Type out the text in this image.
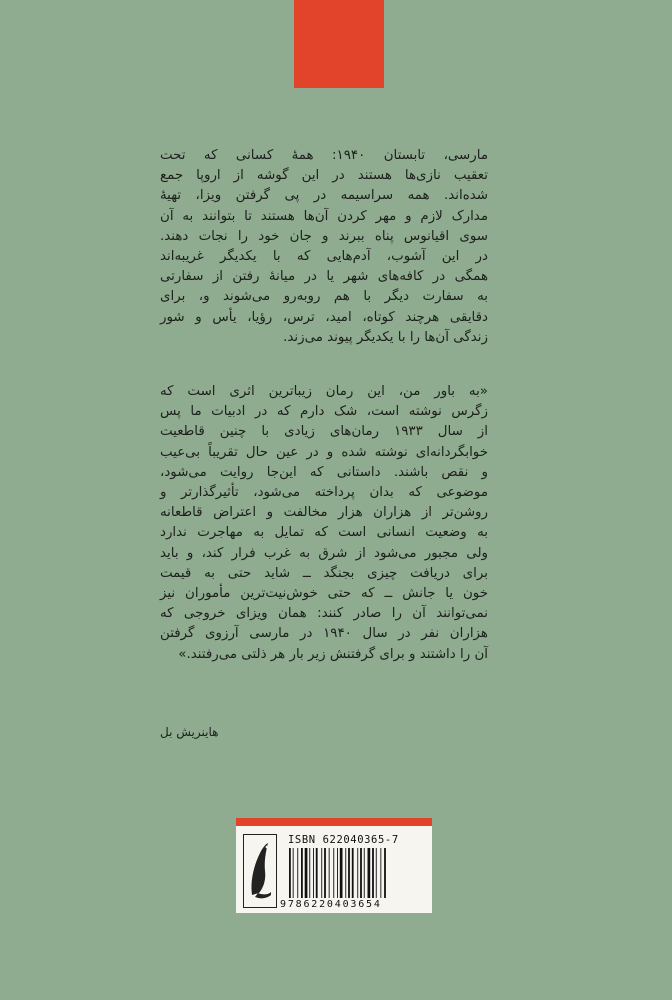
مارسی، تابستان ۱۹۴۰: همهٔ کسانی که تحت
تعقیب نازی‌ها هستند در این گوشه از اروپا جمع
شده‌اند. همه سراسیمه در پی گرفتن ویزا، تهیهٔ
مدارک لازم و مهر کردن آن‌ها هستند تا بتوانند به آن
سوی اقیانوس پناه ببرند و جان خود را نجات دهند.
در این آشوب، آدم‌هایی که با یکدیگر غریبه‌اند
همگی در کافه‌های شهر یا در میانهٔ رفتن از سفارتی
به سفارت دیگر با هم روبه‌رو می‌شوند و، برای
دقایقی هرچند کوتاه، امید، ترس، رؤیا، یأس و شور
زندگی آن‌ها را با یکدیگر پیوند می‌زند.
«به باور من، این رمان زیباترین اثری است که
زگرس نوشته است، شک دارم که در ادبیات ما پس
از سال ۱۹۳۳ رمان‌های زیادی با چنین قاطعیت
خوابگردانه‌ای نوشته شده و در عین حال تقریباً بی‌عیب
و نقص باشند. داستانی که این‌جا روایت می‌شود،
موضوعی که بدان پرداخته می‌شود، تأثیرگذارتر و
روشن‌تر از هزاران هزار مخالفت و اعتراض قاطعانه
به وضعیت انسانی است که تمایل به مهاجرت ندارد
ولی مجبور می‌شود از شرق به غرب فرار کند، و باید
برای دریافت چیزی بجنگد ــ شاید حتی به قیمت
خون یا جانش ــ که حتی خوش‌نیت‌ترین مأموران نیز
نمی‌توانند آن را صادر کنند: همان ویزای خروجی که
هزاران نفر در سال ۱۹۴۰ در مارسی آرزوی گرفتن
آن را داشتند و برای گرفتنش زیر بار هر ذلتی می‌رفتند.»
هاینریش بل
ISBN 622040365-7
9786220403654
